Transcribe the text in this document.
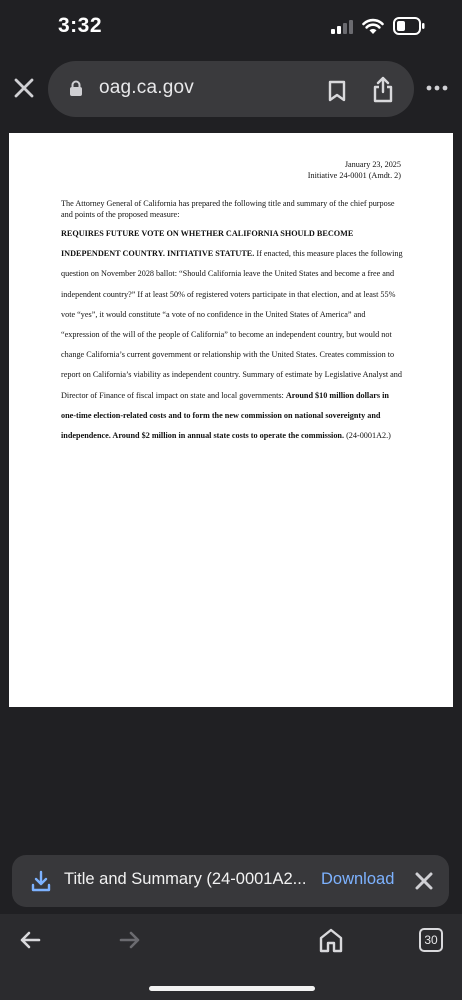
3:32
oag.ca.gov
January 23, 2025
Initiative 24-0001 (Amdt. 2)
The Attorney General of California has prepared the following title and summary of the chief purpose and points of the proposed measure:
REQUIRES FUTURE VOTE ON WHETHER CALIFORNIA SHOULD BECOME INDEPENDENT COUNTRY. INITIATIVE STATUTE. If enacted, this measure places the following question on November 2028 ballot: “Should California leave the United States and become a free and independent country?” If at least 50% of registered voters participate in that election, and at least 55% vote “yes”, it would constitute “a vote of no confidence in the United States of America” and “expression of the will of the people of California” to become an independent country, but would not change California’s current government or relationship with the United States. Creates commission to report on California’s viability as independent country. Summary of estimate by Legislative Analyst and Director of Finance of fiscal impact on state and local governments: Around $10 million dollars in one-time election-related costs and to form the new commission on national sovereignty and independence. Around $2 million in annual state costs to operate the commission. (24-0001A2.)
Title and Summary (24-0001A2... Download
30
